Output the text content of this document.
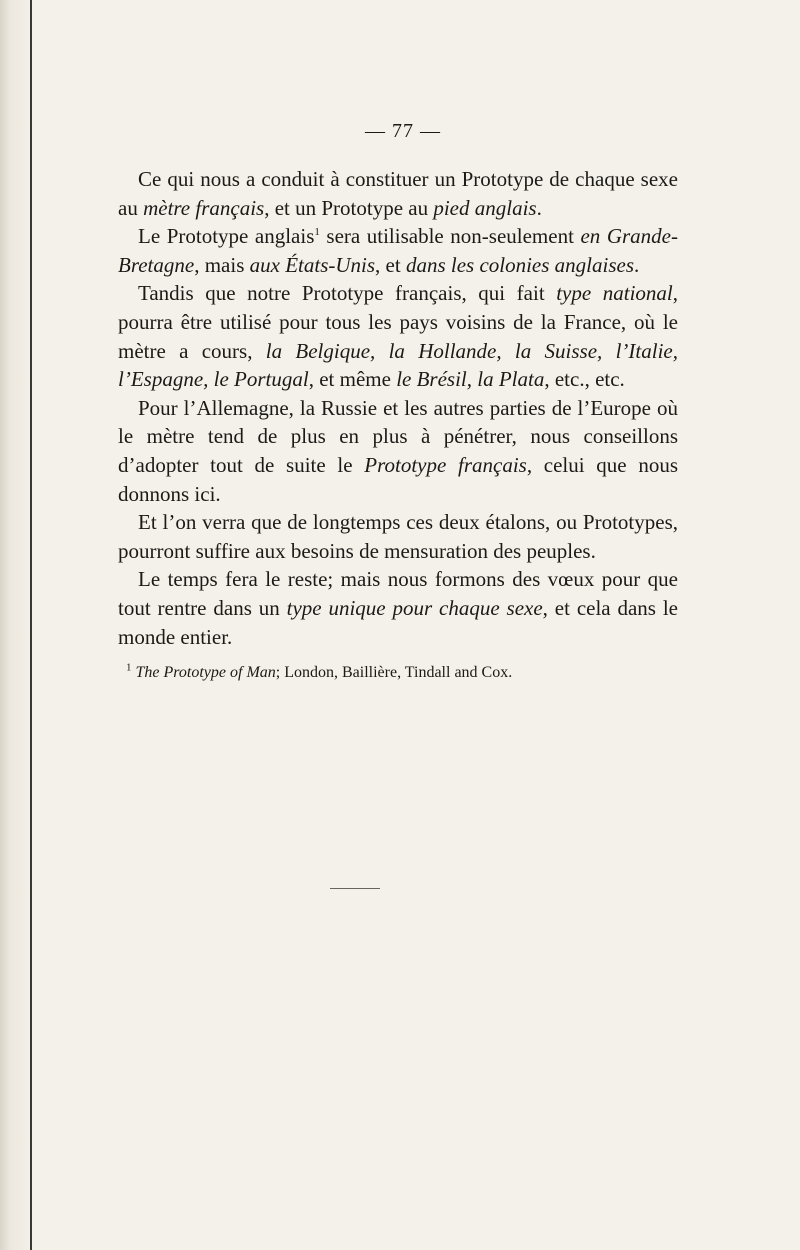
— 77 —

Ce qui nous a conduit à constituer un Prototype de chaque sexe au mètre français, et un Prototype au pied anglais.

Le Prototype anglais$^1$ sera utilisable non-seulement en Grande-Bretagne, mais aux États-Unis, et dans les colonies anglaises.

Tandis que notre Prototype français, qui fait type national, pourra être utilisé pour tous les pays voisins de la France, où le mètre a cours, la Belgique, la Hollande, la Suisse, l’Italie, l’Espagne, le Portugal, et même le Brésil, la Plata, etc., etc.

Pour l’Allemagne, la Russie et les autres parties de l’Europe où le mètre tend de plus en plus à pénétrer, nous conseillons d’adopter tout de suite le Prototype français, celui que nous donnons ici.

Et l’on verra que de longtemps ces deux étalons, ou Prototypes, pourront suffire aux besoins de mensuration des peuples.

Le temps fera le reste; mais nous formons des vœux pour que tout rentre dans un type unique pour chaque sexe, et cela dans le monde entier.

$^1$ The Prototype of Man; London, Baillière, Tindall and Cox.
